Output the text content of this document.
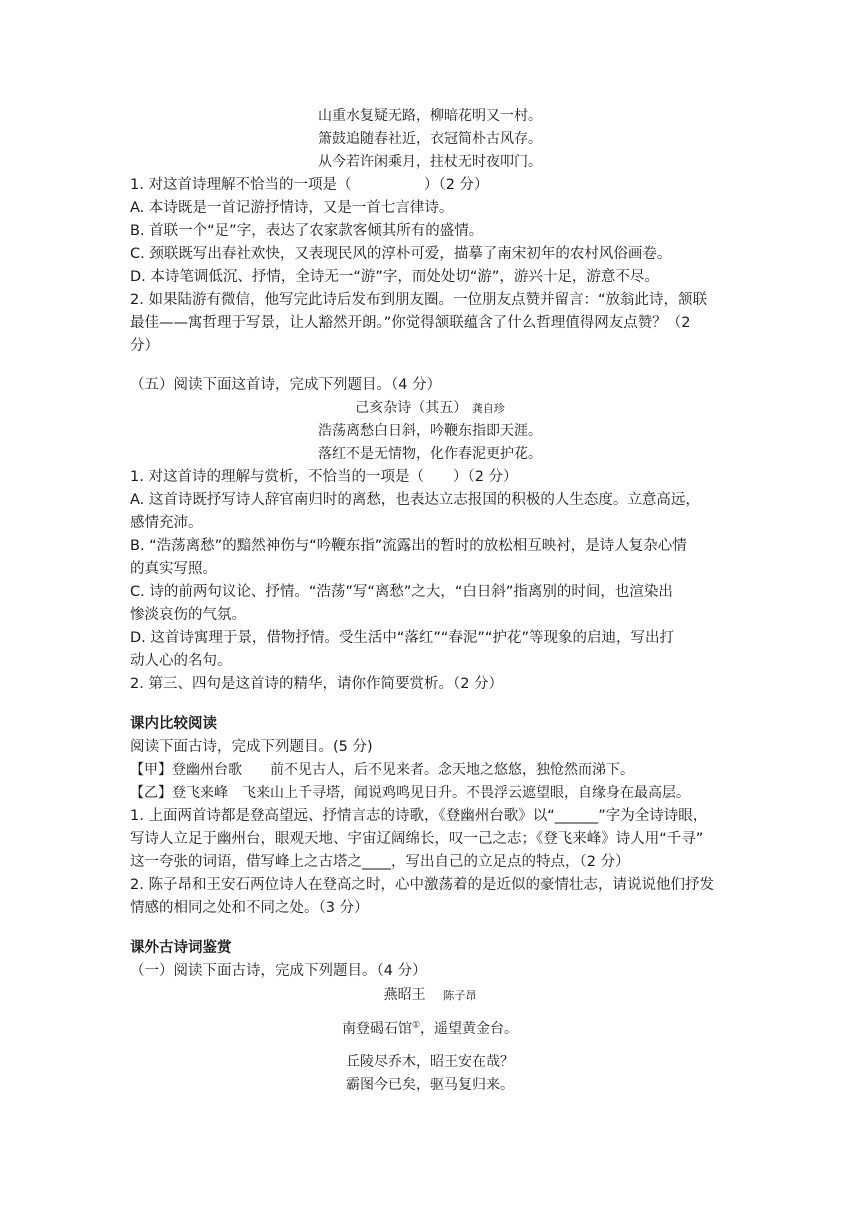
山重水复疑无路，柳暗花明又一村。
箫鼓追随春社近，衣冠简朴古风存。
从今若许闲乘月，拄杖无时夜叩门。
1. 对这首诗理解不恰当的一项是（　　　　　）（2 分）
A. 本诗既是一首记游抒情诗，又是一首七言律诗。
B. 首联一个“足”字，表达了农家款客倾其所有的盛情。
C. 颈联既写出春社欢快，又表现民风的淳朴可爱，描摹了南宋初年的农村风俗画卷。
D. 本诗笔调低沉、抒情，全诗无一“游”字，而处处切“游”，游兴十足，游意不尽。
2. 如果陆游有微信，他写完此诗后发布到朋友圈。一位朋友点赞并留言：“放翁此诗，颔联
最佳——寓哲理于写景，让人豁然开朗。”你觉得颔联蕴含了什么哲理值得网友点赞？（2
分）
（五）阅读下面这首诗，完成下列题目。（4 分）
己亥杂诗（其五） 龚自珍
浩荡离愁白日斜，吟鞭东指即天涯。
落红不是无情物，化作春泥更护花。
1. 对这首诗的理解与赏析，不恰当的一项是（　　）（2 分）
A. 这首诗既抒写诗人辞官南归时的离愁，也表达立志报国的积极的人生态度。立意高远，
感情充沛。
B. “浩荡离愁”的黯然神伤与“吟鞭东指”流露出的暂时的放松相互映衬，是诗人复杂心情
的真实写照。
C. 诗的前两句议论、抒情。“浩荡”写“离愁”之大，“白日斜”指离别的时间，也渲染出
惨淡哀伤的气氛。
D. 这首诗寓理于景，借物抒情。受生活中“落红”“春泥”“护花”等现象的启迪，写出打
动人心的名句。
2. 第三、四句是这首诗的精华，请你作简要赏析。（2 分）
课内比较阅读
阅读下面古诗，完成下列题目。(5 分)
【甲】登幽州台歌　　前不见古人，后不见来者。念天地之悠悠，独怆然而涕下。
【乙】登飞来峰　飞来山上千寻塔，闻说鸡鸣见日升。不畏浮云遮望眼，自缘身在最高层。
1. 上面两首诗都是登高望远、抒情言志的诗歌，《登幽州台歌》以“______”字为全诗诗眼，
写诗人立足于幽州台，眼观天地、宇宙辽阔绵长，叹一己之志；《登飞来峰》诗人用“千寻”
这一夸张的词语，借写峰上之古塔之____，写出自己的立足点的特点，（2 分）
2. 陈子昂和王安石两位诗人在登高之时，心中激荡着的是近似的豪情壮志，请说说他们抒发
情感的相同之处和不同之处。（3 分）
课外古诗词鉴赏
（一）阅读下面古诗，完成下列题目。（4 分）
燕昭王 陈子昂
南登碣石馆①，遥望黄金台。
丘陵尽乔木，昭王安在哉？
霸图今已矣，驱马复归来。
